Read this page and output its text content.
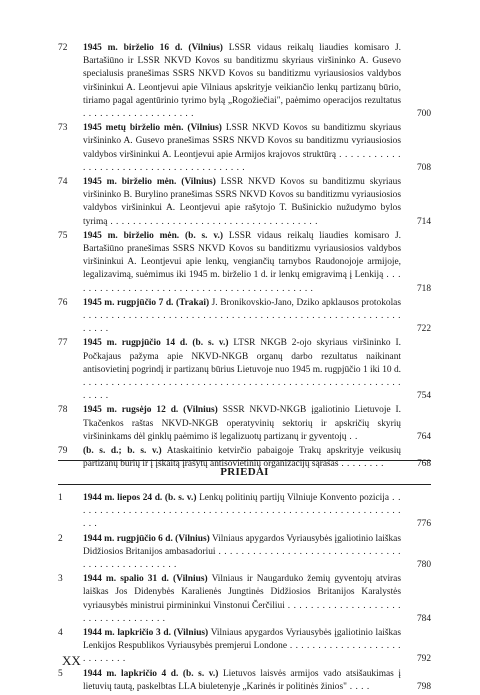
72 1945 m. birželio 16 d. (Vilnius) LSSR vidaus reikalų liaudies komisaro J. Bartašiūno ir LSSR NKVD Kovos su banditizmu skyriaus viršininko A. Gusevo specialusis pranešimas SSRS NKVD Kovos su banditizmu vyriausiosios valdybos viršininkui A. Leontjevui apie Vilniaus apskrityje veikiančio lenkų partizanų būrio, tiriamo pagal agentūrinio tyrimo bylą „Rogožiečiai", paėmimo operacijos rezultatus . . . . . . . . . . . . . . . . . . . .	700
73 1945 metų birželio mėn. (Vilnius) LSSR NKVD Kovos su banditizmu skyriaus viršininko A. Gusevo pranešimas SSRS NKVD Kovos su banditizmu vyriausiosios valdybos viršininkui A. Leontjevui apie Armijos krajovos struktūrą . . . . . . . . . . . . . . . . . . . . . . . . . . . . . . . . . . . . . . . .	708
74 1945 m. birželio mėn. (Vilnius) LSSR NKVD Kovos su banditizmu skyriaus viršininko B. Burylino pranešimas SSRS NKVD Kovos su banditizmu vyriausiosios valdybos viršininkui A. Leontjevui apie rašytojo T. Bušinickio nužudymo bylos tyrimą . . . . . . . . . . . . . . . . . . . . . . . . . . . . . . . . . . . . .	714
75 1945 m. birželio mėn. (b. s. v.) LSSR vidaus reikalų liaudies komisaro J. Bartašiūno pranešimas SSRS NKVD Kovos su banditizmu vyriausiosios valdybos viršininkui A. Leontjevui apie lenkų, vengiančių tarnybos Raudonojoje armijoje, legalizavimą, suėmimus iki 1945 m. birželio 1 d. ir lenkų emigravimą į Lenkiją . . . . . . . . . . . . . . . . . . . . . . . . . . . . . . . . . . . . . . . . . . . .	718
76 1945 m. rugpjūčio 7 d. (Trakai) J. Bronikovskio-Jano, Dziko apklausos protokolas . . . . . . . . . . . . . . . . . . . . . . . . . . . . . . . . . . . . . . . . . . . . . . . . . . . . . . . . . . . . .	722
77 1945 m. rugpjūčio 14 d. (b. s. v.) LTSR NKGB 2-ojo skyriaus viršininko I. Počkajaus pažyma apie NKVD-NKGB organų darbo rezultatus naikinant antisovietinį pogrindį ir partizanų būrius Lietuvoje nuo 1945 m. rugpjūčio 1 iki 10 d. . . . . . . . . . . . . . . . . . . . . . . . . . . . . . . . . . . . . . . . . . . . . . . . . . . . . . . . . . . . . .	754
78 1945 m. rugsėjo 12 d. (Vilnius) SSSR NKVD-NKGB įgaliotinio Lietuvoje I. Tkačenkos raštas NKVD-NKGB operatyvinių sektorių ir apskričių skyrių viršininkams dėl ginklų paėmimo iš legalizuotų partizanų ir gyventojų . .	764
79 (b. s. d.; b. s. v.) Ataskaitinio ketvirčio pabaigoje Trakų apskrityje veikusių partizanų būrių ir į įskaitą įrašytų antisovietinių organizacijų sąrašas . . . . . . . .	768
PRIEDAI
1 1944 m. liepos 24 d. (b. s. v.) Lenkų politinių partijų Vilniuje Konvento pozicija . . . . . . . . . . . . . . . . . . . . . . . . . . . . . . . . . . . . . . . . . . . . . . . . . . . . . . . . . . . . .	776
2 1944 m. rugpjūčio 6 d. (Vilnius) Vilniaus apygardos Vyriausybės įgaliotinio laiškas Didžiosios Britanijos ambasadoriui . . . . . . . . . . . . . . . . . . . . . . . . . . . . . . . . . . . . . . . . . . . . . . . . .	780
3 1944 m. spalio 31 d. (Vilnius) Vilniaus ir Naugarduko žemių gyventojų atviras laiškas Jos Didenybės Karalienės Jungtinės Didžiosios Britanijos Karalystės vyriausybės ministrui pirmininkui Vinstonui Čerčiliui . . . . . . . . . . . . . . . . . . . . . . . . . . . . . . . . . . .	784
4 1944 m. lapkričio 3 d. (Vilnius) Vilniaus apygardos Vyriausybės įgaliotinio laiškas Lenkijos Respublikos Vyriausybės premjerui Londone . . . . . . . . . . . . . . . . . . . . . . . . . . . .	792
5 1944 m. lapkričio 4 d. (b. s. v.) Lietuvos laisvės armijos vado atsišaukimas į lietuvių tautą, paskelbtas LLA biuletenyje „Karinės ir politinės žinios" . . . .	798
XX
